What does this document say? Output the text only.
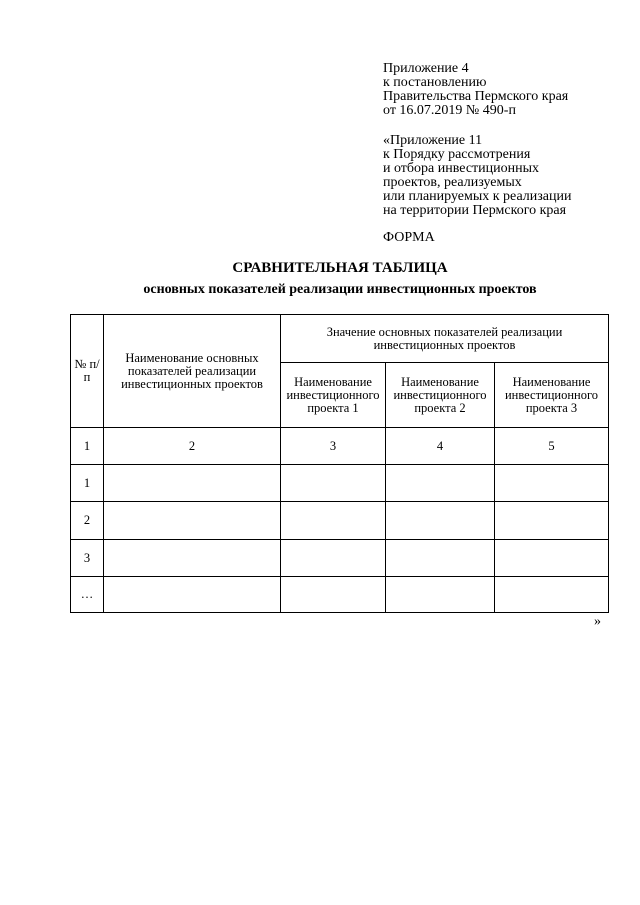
Приложение 4
к постановлению
Правительства Пермского края
от 16.07.2019 № 490-п
«Приложение 11
к Порядку рассмотрения
и отбора инвестиционных
проектов, реализуемых
или планируемых к реализации
на территории Пермского края
ФОРМА
СРАВНИТЕЛЬНАЯ ТАБЛИЦА
основных показателей реализации инвестиционных проектов
№ п/п	Наименование основных показателей реализации инвестиционных проектов	Значение основных показателей реализации инвестиционных проектов		
		Наименование инвестиционного проекта 1	Наименование инвестиционного проекта 2	Наименование инвестиционного проекта 3
1	2	3	4	5
1				
2				
3				
…				
»
